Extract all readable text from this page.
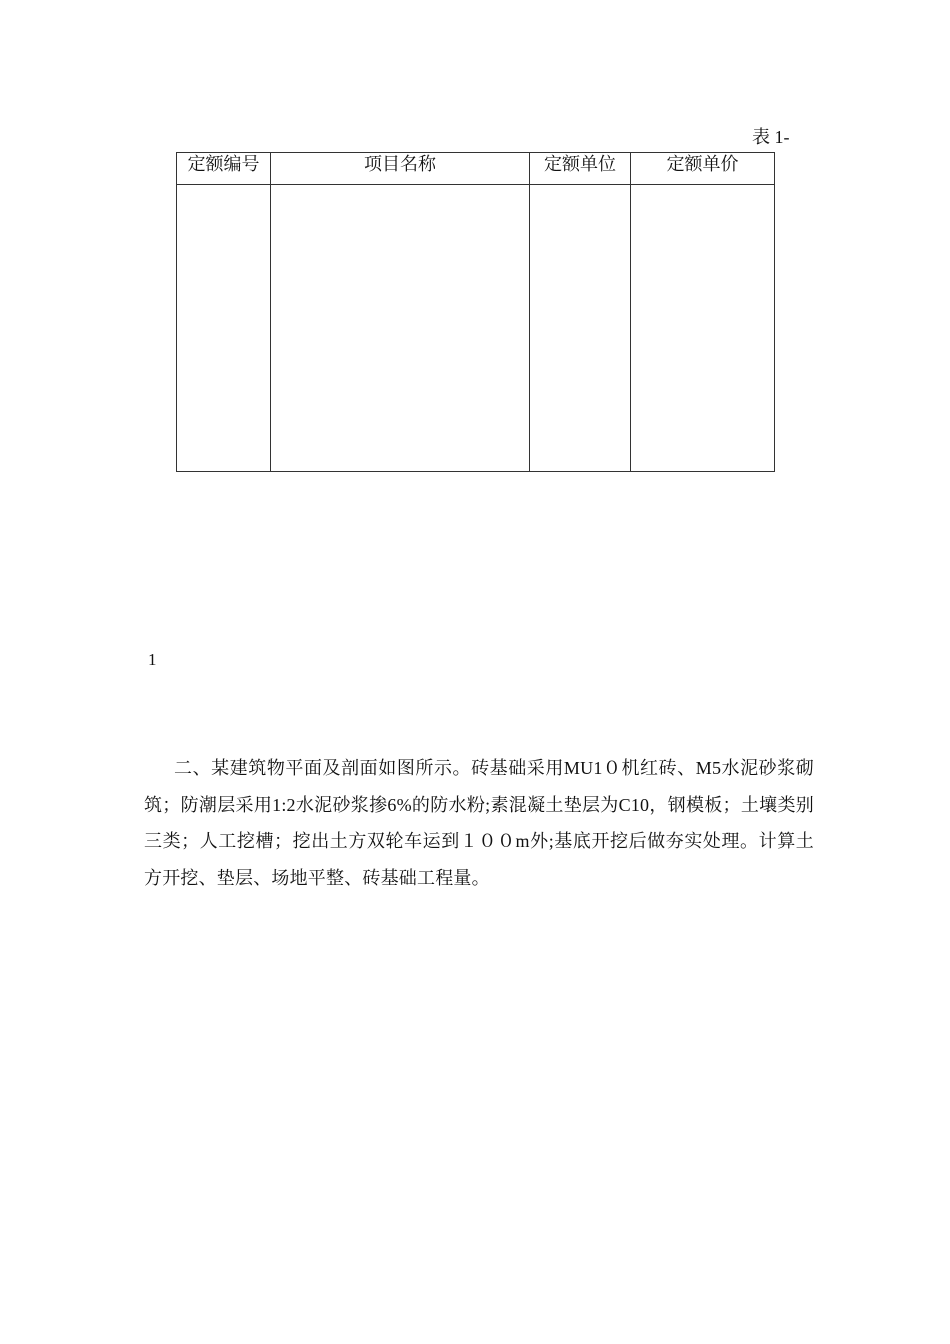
表 1-
定额编号	项目名称	定额单位	定额单价

1

二、某建筑物平面及剖面如图所示。砖基础采用MU1０机红砖、M5水泥砂浆砌筑；防潮层采用1:2水泥砂浆掺6%的防水粉;素混凝土垫层为C10，钢模板；土壤类别三类；人工挖槽；挖出土方双轮车运到１００m外;基底开挖后做夯实处理。计算土方开挖、垫层、场地平整、砖基础工程量。
